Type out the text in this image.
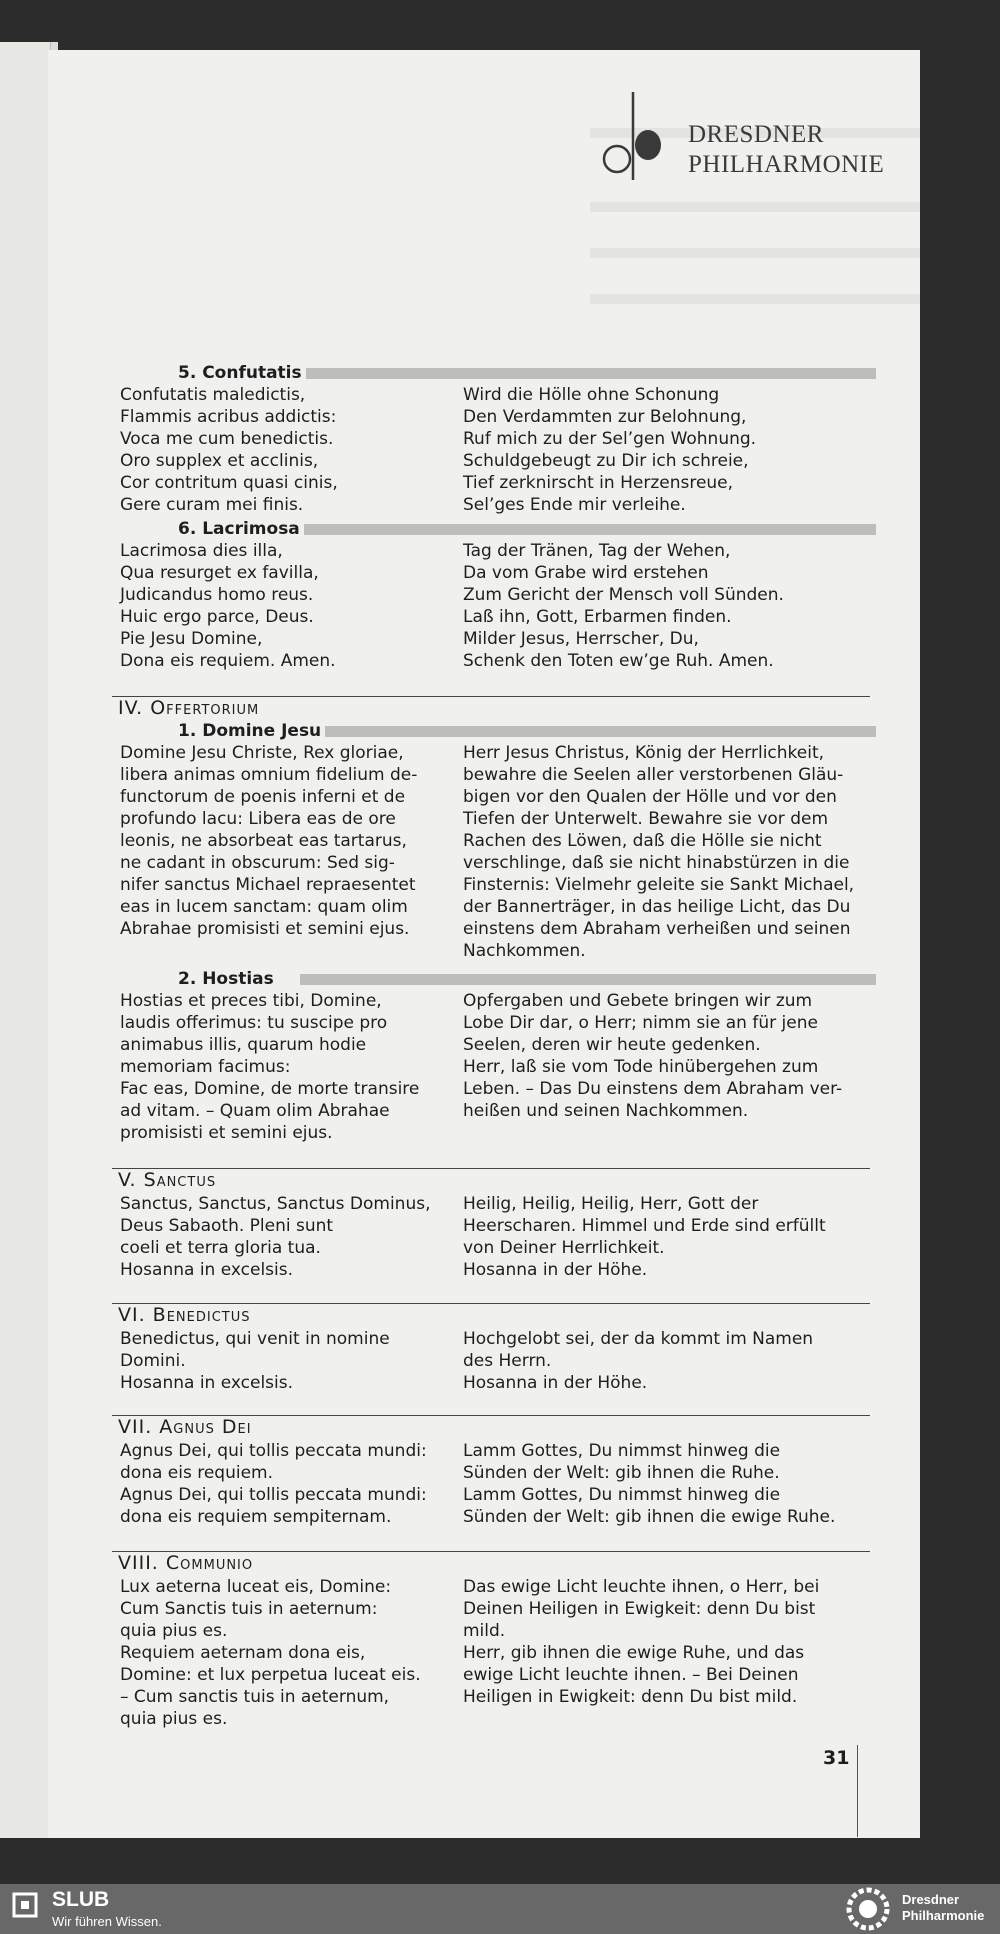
DRESDNER
PHILHARMONIE
5. Confutatis
Confutatis maledictis,
Flammis acribus addictis:
Voca me cum benedictis.
Oro supplex et acclinis,
Cor contritum quasi cinis,
Gere curam mei finis.
Wird die Hölle ohne Schonung
Den Verdammten zur Belohnung,
Ruf mich zu der Sel’gen Wohnung.
Schuldgebeugt zu Dir ich schreie,
Tief zerknirscht in Herzensreue,
Sel’ges Ende mir verleihe.
6. Lacrimosa
Lacrimosa dies illa,
Qua resurget ex favilla,
Judicandus homo reus.
Huic ergo parce, Deus.
Pie Jesu Domine,
Dona eis requiem. Amen.
Tag der Tränen, Tag der Wehen,
Da vom Grabe wird erstehen
Zum Gericht der Mensch voll Sünden.
Laß ihn, Gott, Erbarmen finden.
Milder Jesus, Herrscher, Du,
Schenk den Toten ew’ge Ruh. Amen.
IV. Offertorium
1. Domine Jesu
Domine Jesu Christe, Rex gloriae,
libera animas omnium fidelium de-
functorum de poenis inferni et de
profundo lacu: Libera eas de ore
leonis, ne absorbeat eas tartarus,
ne cadant in obscurum: Sed sig-
nifer sanctus Michael repraesentet
eas in lucem sanctam: quam olim
Abrahae promisisti et semini ejus.
Herr Jesus Christus, König der Herrlichkeit,
bewahre die Seelen aller verstorbenen Gläu-
bigen vor den Qualen der Hölle und vor den
Tiefen der Unterwelt. Bewahre sie vor dem
Rachen des Löwen, daß die Hölle sie nicht
verschlinge, daß sie nicht hinabstürzen in die
Finsternis: Vielmehr geleite sie Sankt Michael,
der Bannerträger, in das heilige Licht, das Du
einstens dem Abraham verheißen und seinen
Nachkommen.
2. Hostias
Hostias et preces tibi, Domine,
laudis offerimus: tu suscipe pro
animabus illis, quarum hodie
memoriam facimus:
Fac eas, Domine, de morte transire
ad vitam. – Quam olim Abrahae
promisisti et semini ejus.
Opfergaben und Gebete bringen wir zum
Lobe Dir dar, o Herr; nimm sie an für jene
Seelen, deren wir heute gedenken.
Herr, laß sie vom Tode hinübergehen zum
Leben. – Das Du einstens dem Abraham ver-
heißen und seinen Nachkommen.
V. Sanctus
Sanctus, Sanctus, Sanctus Dominus,
Deus Sabaoth. Pleni sunt
coeli et terra gloria tua.
Hosanna in excelsis.
Heilig, Heilig, Heilig, Herr, Gott der
Heerscharen. Himmel und Erde sind erfüllt
von Deiner Herrlichkeit.
Hosanna in der Höhe.
VI. Benedictus
Benedictus, qui venit in nomine
Domini.
Hosanna in excelsis.
Hochgelobt sei, der da kommt im Namen
des Herrn.
Hosanna in der Höhe.
VII. Agnus Dei
Agnus Dei, qui tollis peccata mundi:
dona eis requiem.
Agnus Dei, qui tollis peccata mundi:
dona eis requiem sempiternam.
Lamm Gottes, Du nimmst hinweg die
Sünden der Welt: gib ihnen die Ruhe.
Lamm Gottes, Du nimmst hinweg die
Sünden der Welt: gib ihnen die ewige Ruhe.
VIII. Communio
Lux aeterna luceat eis, Domine:
Cum Sanctis tuis in aeternum:
quia pius es.
Requiem aeternam dona eis,
Domine: et lux perpetua luceat eis.
– Cum sanctis tuis in aeternum,
quia pius es.
Das ewige Licht leuchte ihnen, o Herr, bei
Deinen Heiligen in Ewigkeit: denn Du bist
mild.
Herr, gib ihnen die ewige Ruhe, und das
ewige Licht leuchte ihnen. – Bei Deinen
Heiligen in Ewigkeit: denn Du bist mild.
31
SLUB
Wir führen Wissen.
Dresdner
Philharmonie
